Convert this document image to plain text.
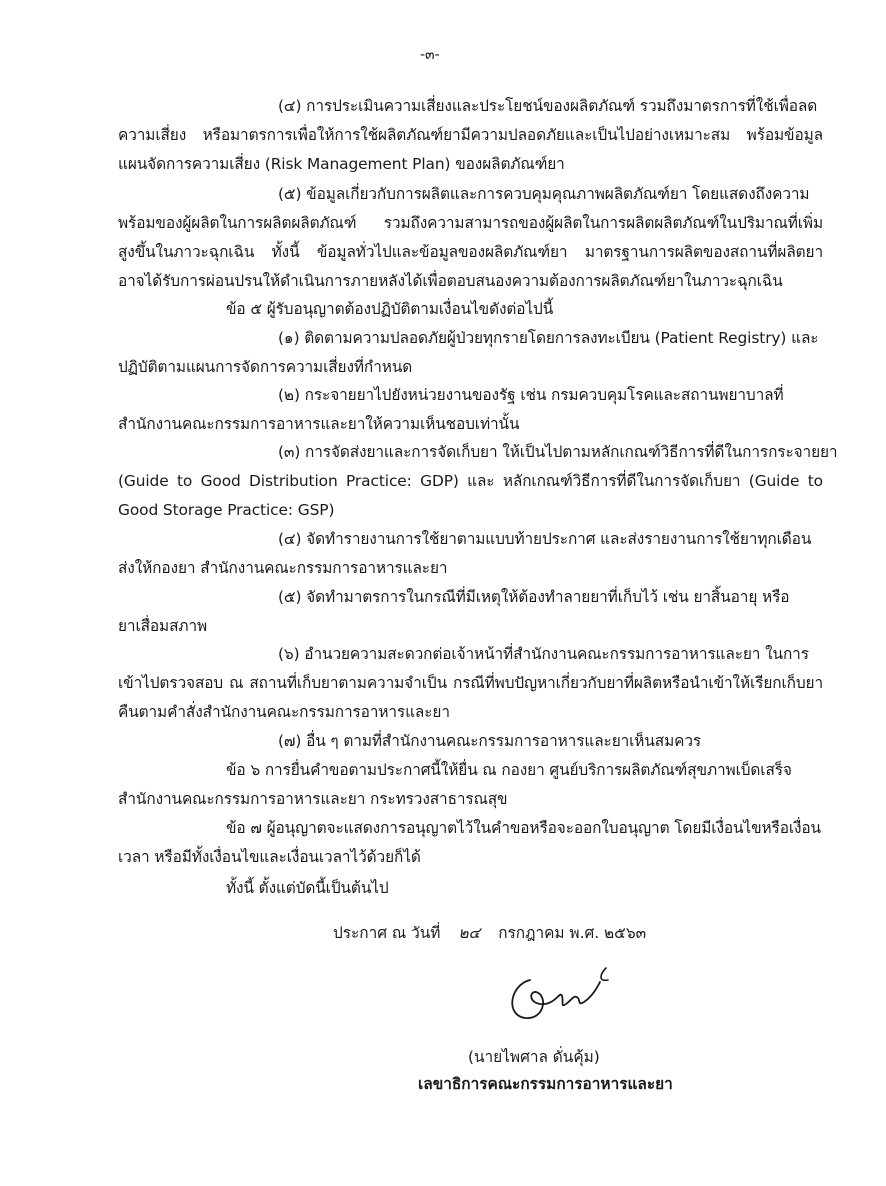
-๓-
(๔) การประเมินความเสี่ยงและประโยชน์ของผลิตภัณฑ์ รวมถึงมาตรการที่ใช้เพื่อลด
ความเสี่ยง หรือมาตรการเพื่อให้การใช้ผลิตภัณฑ์ยามีความปลอดภัยและเป็นไปอย่างเหมาะสม พร้อมข้อมูล
แผนจัดการความเสี่ยง (Risk Management Plan) ของผลิตภัณฑ์ยา
(๕) ข้อมูลเกี่ยวกับการผลิตและการควบคุมคุณภาพผลิตภัณฑ์ยา โดยแสดงถึงความ
พร้อมของผู้ผลิตในการผลิตผลิตภัณฑ์ รวมถึงความสามารถของผู้ผลิตในการผลิตผลิตภัณฑ์ในปริมาณที่เพิ่ม
สูงขึ้นในภาวะฉุกเฉิน ทั้งนี้ ข้อมูลทั่วไปและข้อมูลของผลิตภัณฑ์ยา มาตรฐานการผลิตของสถานที่ผลิตยา
อาจได้รับการผ่อนปรนให้ดำเนินการภายหลังได้เพื่อตอบสนองความต้องการผลิตภัณฑ์ยาในภาวะฉุกเฉิน
ข้อ ๕ ผู้รับอนุญาตต้องปฏิบัติตามเงื่อนไขดังต่อไปนี้
(๑) ติดตามความปลอดภัยผู้ป่วยทุกรายโดยการลงทะเบียน (Patient Registry) และ
ปฏิบัติตามแผนการจัดการความเสี่ยงที่กำหนด
(๒) กระจายยาไปยังหน่วยงานของรัฐ เช่น กรมควบคุมโรคและสถานพยาบาลที่
สำนักงานคณะกรรมการอาหารและยาให้ความเห็นชอบเท่านั้น
(๓) การจัดส่งยาและการจัดเก็บยา ให้เป็นไปตามหลักเกณฑ์วิธีการที่ดีในการกระจายยา
(Guide to Good Distribution Practice: GDP) และ หลักเกณฑ์วิธีการที่ดีในการจัดเก็บยา (Guide to
Good Storage Practice: GSP)
(๔) จัดทำรายงานการใช้ยาตามแบบท้ายประกาศ และส่งรายงานการใช้ยาทุกเดือน
ส่งให้กองยา สำนักงานคณะกรรมการอาหารและยา
(๕) จัดทำมาตรการในกรณีที่มีเหตุให้ต้องทำลายยาที่เก็บไว้ เช่น ยาสิ้นอายุ หรือ
ยาเสื่อมสภาพ
(๖) อำนวยความสะดวกต่อเจ้าหน้าที่สำนักงานคณะกรรมการอาหารและยา ในการ
เข้าไปตรวจสอบ ณ สถานที่เก็บยาตามความจำเป็น กรณีที่พบปัญหาเกี่ยวกับยาที่ผลิตหรือนำเข้าให้เรียกเก็บยา
คืนตามคำสั่งสำนักงานคณะกรรมการอาหารและยา
(๗) อื่น ๆ ตามที่สำนักงานคณะกรรมการอาหารและยาเห็นสมควร
ข้อ ๖ การยื่นคำขอตามประกาศนี้ให้ยื่น ณ กองยา ศูนย์บริการผลิตภัณฑ์สุขภาพเบ็ดเสร็จ
สำนักงานคณะกรรมการอาหารและยา กระทรวงสาธารณสุข
ข้อ ๗ ผู้อนุญาตจะแสดงการอนุญาตไว้ในคำขอหรือจะออกใบอนุญาต โดยมีเงื่อนไขหรือเงื่อน
เวลา หรือมีทั้งเงื่อนไขและเงื่อนเวลาไว้ด้วยก็ได้
ทั้งนี้ ตั้งแต่บัดนี้เป็นต้นไป
ประกาศ ณ วันที่ ๒๔ กรกฎาคม พ.ศ. ๒๕๖๓
(นายไพศาล ดั่นคุ้ม)
เลขาธิการคณะกรรมการอาหารและยา
